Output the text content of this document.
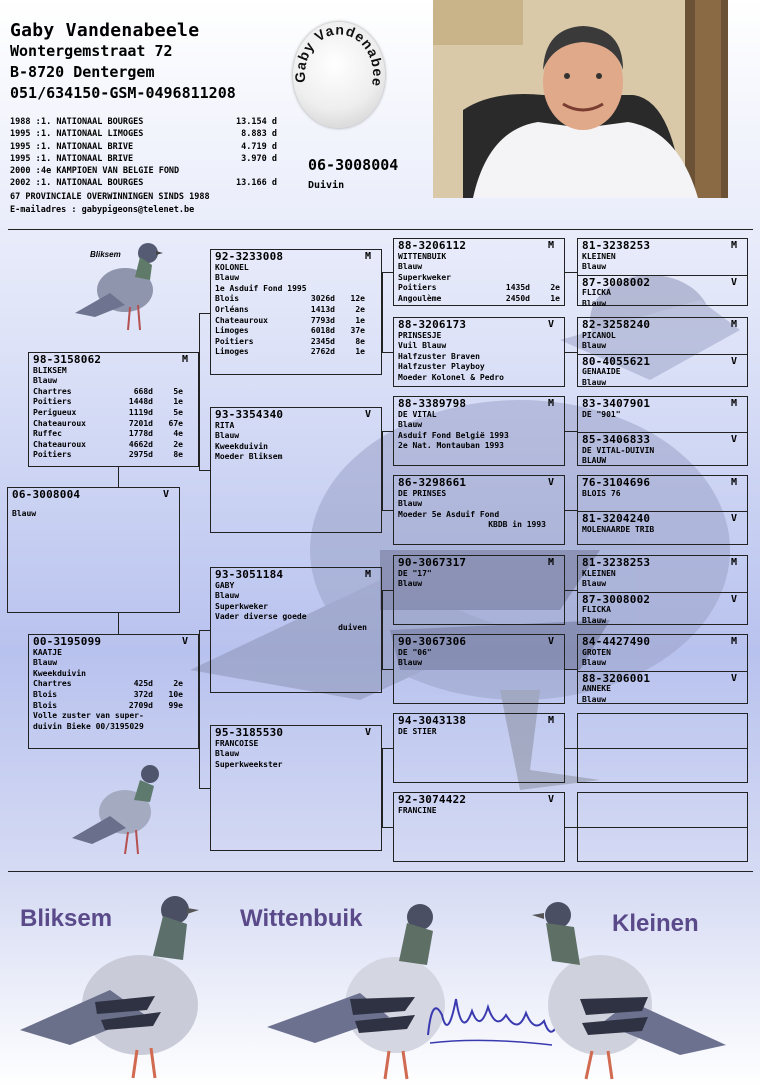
Gaby Vandenabeele
Wontergemstraat 72
B-8720 Dentergem
051/634150-GSM-0496811208
1988 : 1. NATIONAAL BOURGES	13.154 d
1995 : 1. NATIONAAL LIMOGES	8.883 d
1995 : 1. NATIONAAL BRIVE	4.719 d
1995 : 1. NATIONAAL BRIVE	3.970 d
2000 : 4e KAMPIOEN VAN BELGIE FOND
2002 : 1. NATIONAAL BOURGES	13.166 d
67 PROVINCIALE OVERWINNINGEN SINDS 1988
E-mailadres : gabypigeons@telenet.be
Gaby Vandenabee
06-3008004
Duivin
Bliksem
06-3008004	V
Blauw
98-3158062	M
BLIKSEM
Blauw
Chartres	668d	5e
Poitiers	1448d	1e
Perigueux	1119d	5e
Chateauroux	7201d	67e
Ruffec	1778d	4e
Chateauroux	4662d	2e
Poitiers	2975d	8e
00-3195099	V
KAATJE
Blauw
Kweekduivin
Chartres	425d	2e
Blois	372d	10e
Blois	2709d	99e
Volle zuster van super-
duivin Bieke 00/3195029
92-3233008	M
KOLONEL
Blauw
1e Asduif Fond 1995
Blois	3026d	12e
Orléans	1413d	2e
Chateauroux	7793d	1e
Limoges	6018d	37e
Poitiers	2345d	8e
Limoges	2762d	1e
93-3354340	V
RITA
Blauw
Kweekduivin
Moeder Bliksem
93-3051184	M
GABY
Blauw
Superkweker
Vader diverse goede
duiven
95-3185530	V
FRANCOISE
Blauw
Superkweekster
88-3206112	M
WITTENBUIK
Blauw
Superkweker
Poitiers	1435d	2e
Angoulème	2450d	1e
88-3206173	V
PRINSESJE
Vuil Blauw
Halfzuster Braven
Halfzuster Playboy
Moeder Kolonel & Pedro
88-3389798	M
DE VITAL
Blauw
Asduif Fond België 1993
2e Nat. Montauban 1993
86-3298661	V
DE PRINSES
Blauw
Moeder 5e Asduif Fond
KBDB in 1993
90-3067317	M
DE "17"
Blauw
90-3067306	V
DE "06"
Blauw
94-3043138	M
DE STIER
92-3074422	V
FRANCINE
81-3238253	M
KLEINEN
Blauw
87-3008002	V
FLICKA
Blauw
82-3258240	M
PICANOL
Blauw
80-4055621	V
GENAAIDE
Blauw
83-3407901	M
DE "901"
85-3406833	V
DE VITAL-DUIVIN
BLAUW
76-3104696	M
BLOIS 76
81-3204240	V
MOLENAARDE TRIB
81-3238253	M
KLEINEN
Blauw
87-3008002	V
FLICKA
Blauw
84-4427490	M
GROTEN
Blauw
88-3206001	V
ANNEKE
Blauw
Bliksem	Wittenbuik	Kleinen
